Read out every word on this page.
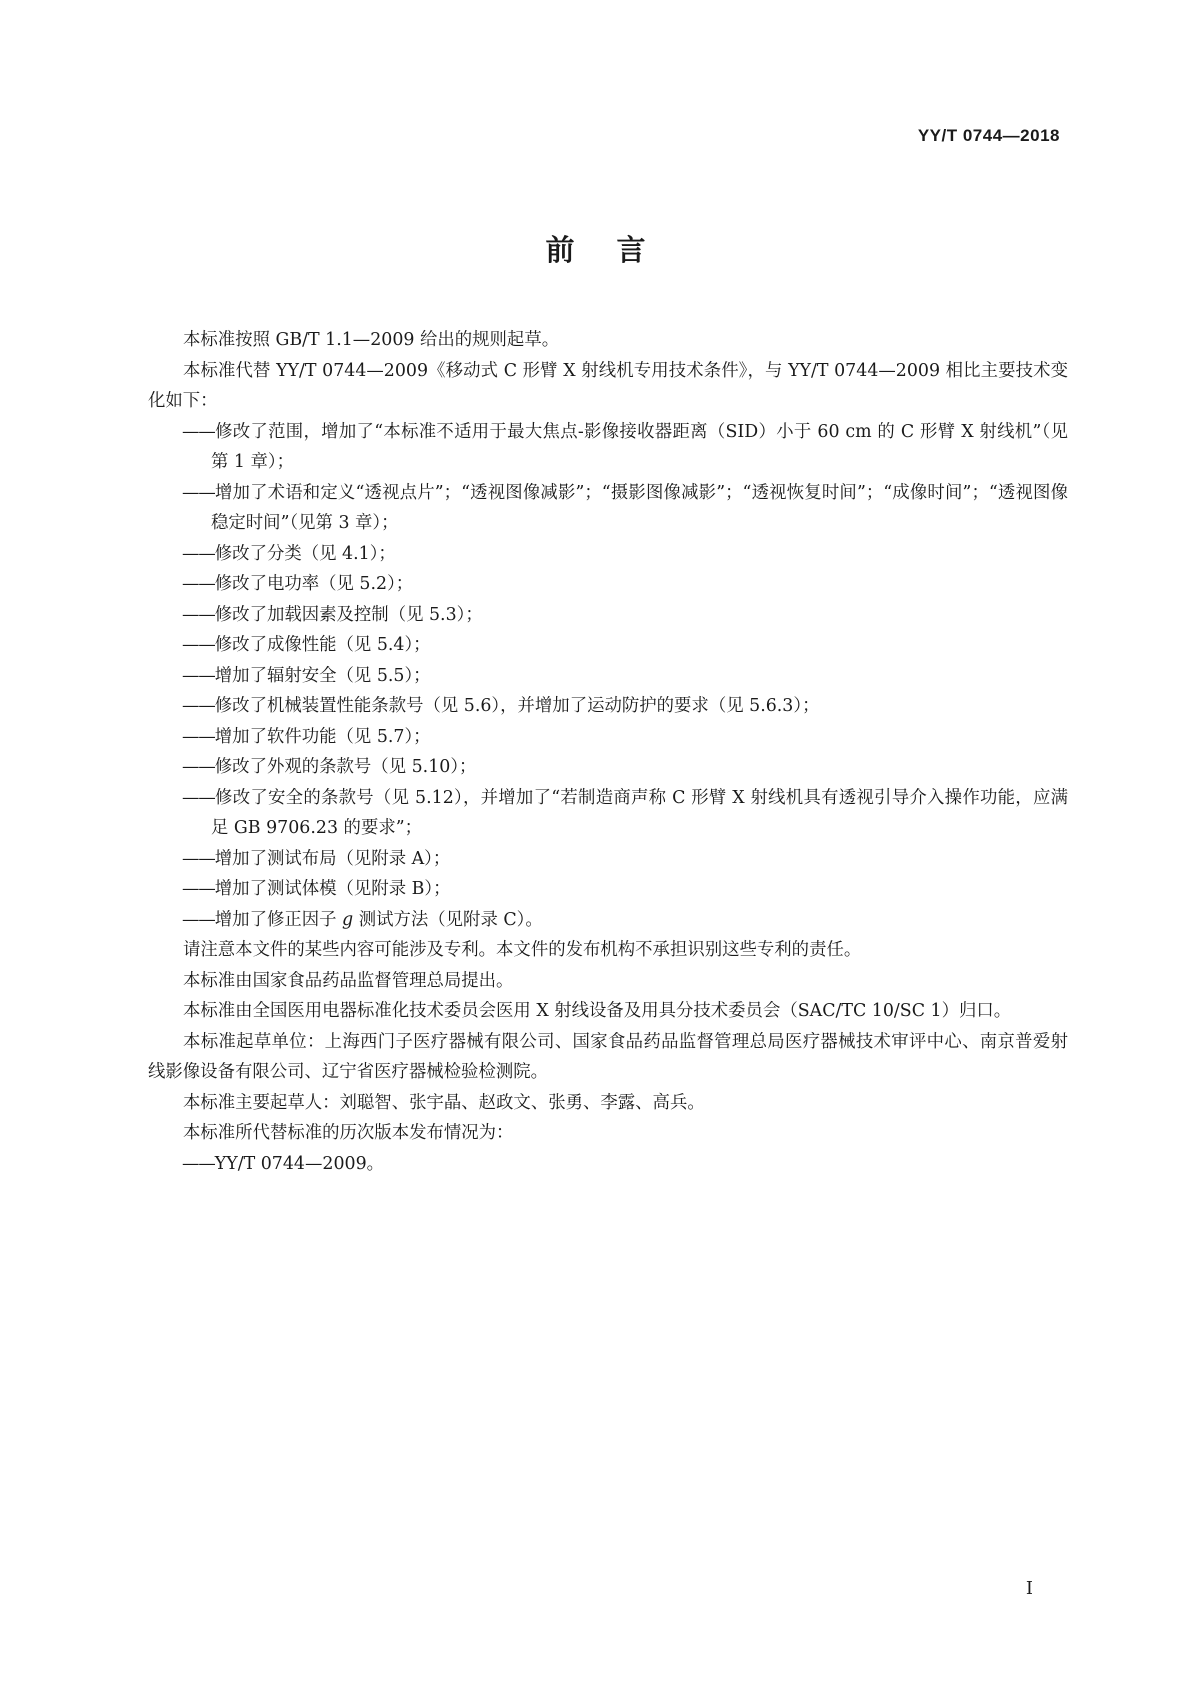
YY/T 0744—2018
前言

本标准按照 GB/T 1.1—2009 给出的规则起草。

本标准代替 YY/T 0744—2009《移动式 C 形臂 X 射线机专用技术条件》，与 YY/T 0744—2009 相比主要技术变化如下：

——修改了范围，增加了“本标准不适用于最大焦点-影像接收器距离（SID）小于 60 cm 的 C 形臂 X 射线机”（见第 1 章）；

——增加了术语和定义“透视点片”；“透视图像减影”；“摄影图像减影”；“透视恢复时间”；“成像时间”；“透视图像稳定时间”（见第 3 章）；

——修改了分类（见 4.1）；

——修改了电功率（见 5.2）；

——修改了加载因素及控制（见 5.3）；

——修改了成像性能（见 5.4）；

——增加了辐射安全（见 5.5）；

——修改了机械装置性能条款号（见 5.6），并增加了运动防护的要求（见 5.6.3）；

——增加了软件功能（见 5.7）；

——修改了外观的条款号（见 5.10）；

——修改了安全的条款号（见 5.12），并增加了“若制造商声称 C 形臂 X 射线机具有透视引导介入操作功能，应满足 GB 9706.23 的要求”；

——增加了测试布局（见附录 A）；

——增加了测试体模（见附录 B）；

——增加了修正因子 g 测试方法（见附录 C）。

请注意本文件的某些内容可能涉及专利。本文件的发布机构不承担识别这些专利的责任。

本标准由国家食品药品监督管理总局提出。

本标准由全国医用电器标准化技术委员会医用 X 射线设备及用具分技术委员会（SAC/TC 10/SC 1）归口。

本标准起草单位：上海西门子医疗器械有限公司、国家食品药品监督管理总局医疗器械技术审评中心、南京普爱射线影像设备有限公司、辽宁省医疗器械检验检测院。

本标准主要起草人：刘聪智、张宇晶、赵政文、张勇、李露、高兵。

本标准所代替标准的历次版本发布情况为：

——YY/T 0744—2009。

I
